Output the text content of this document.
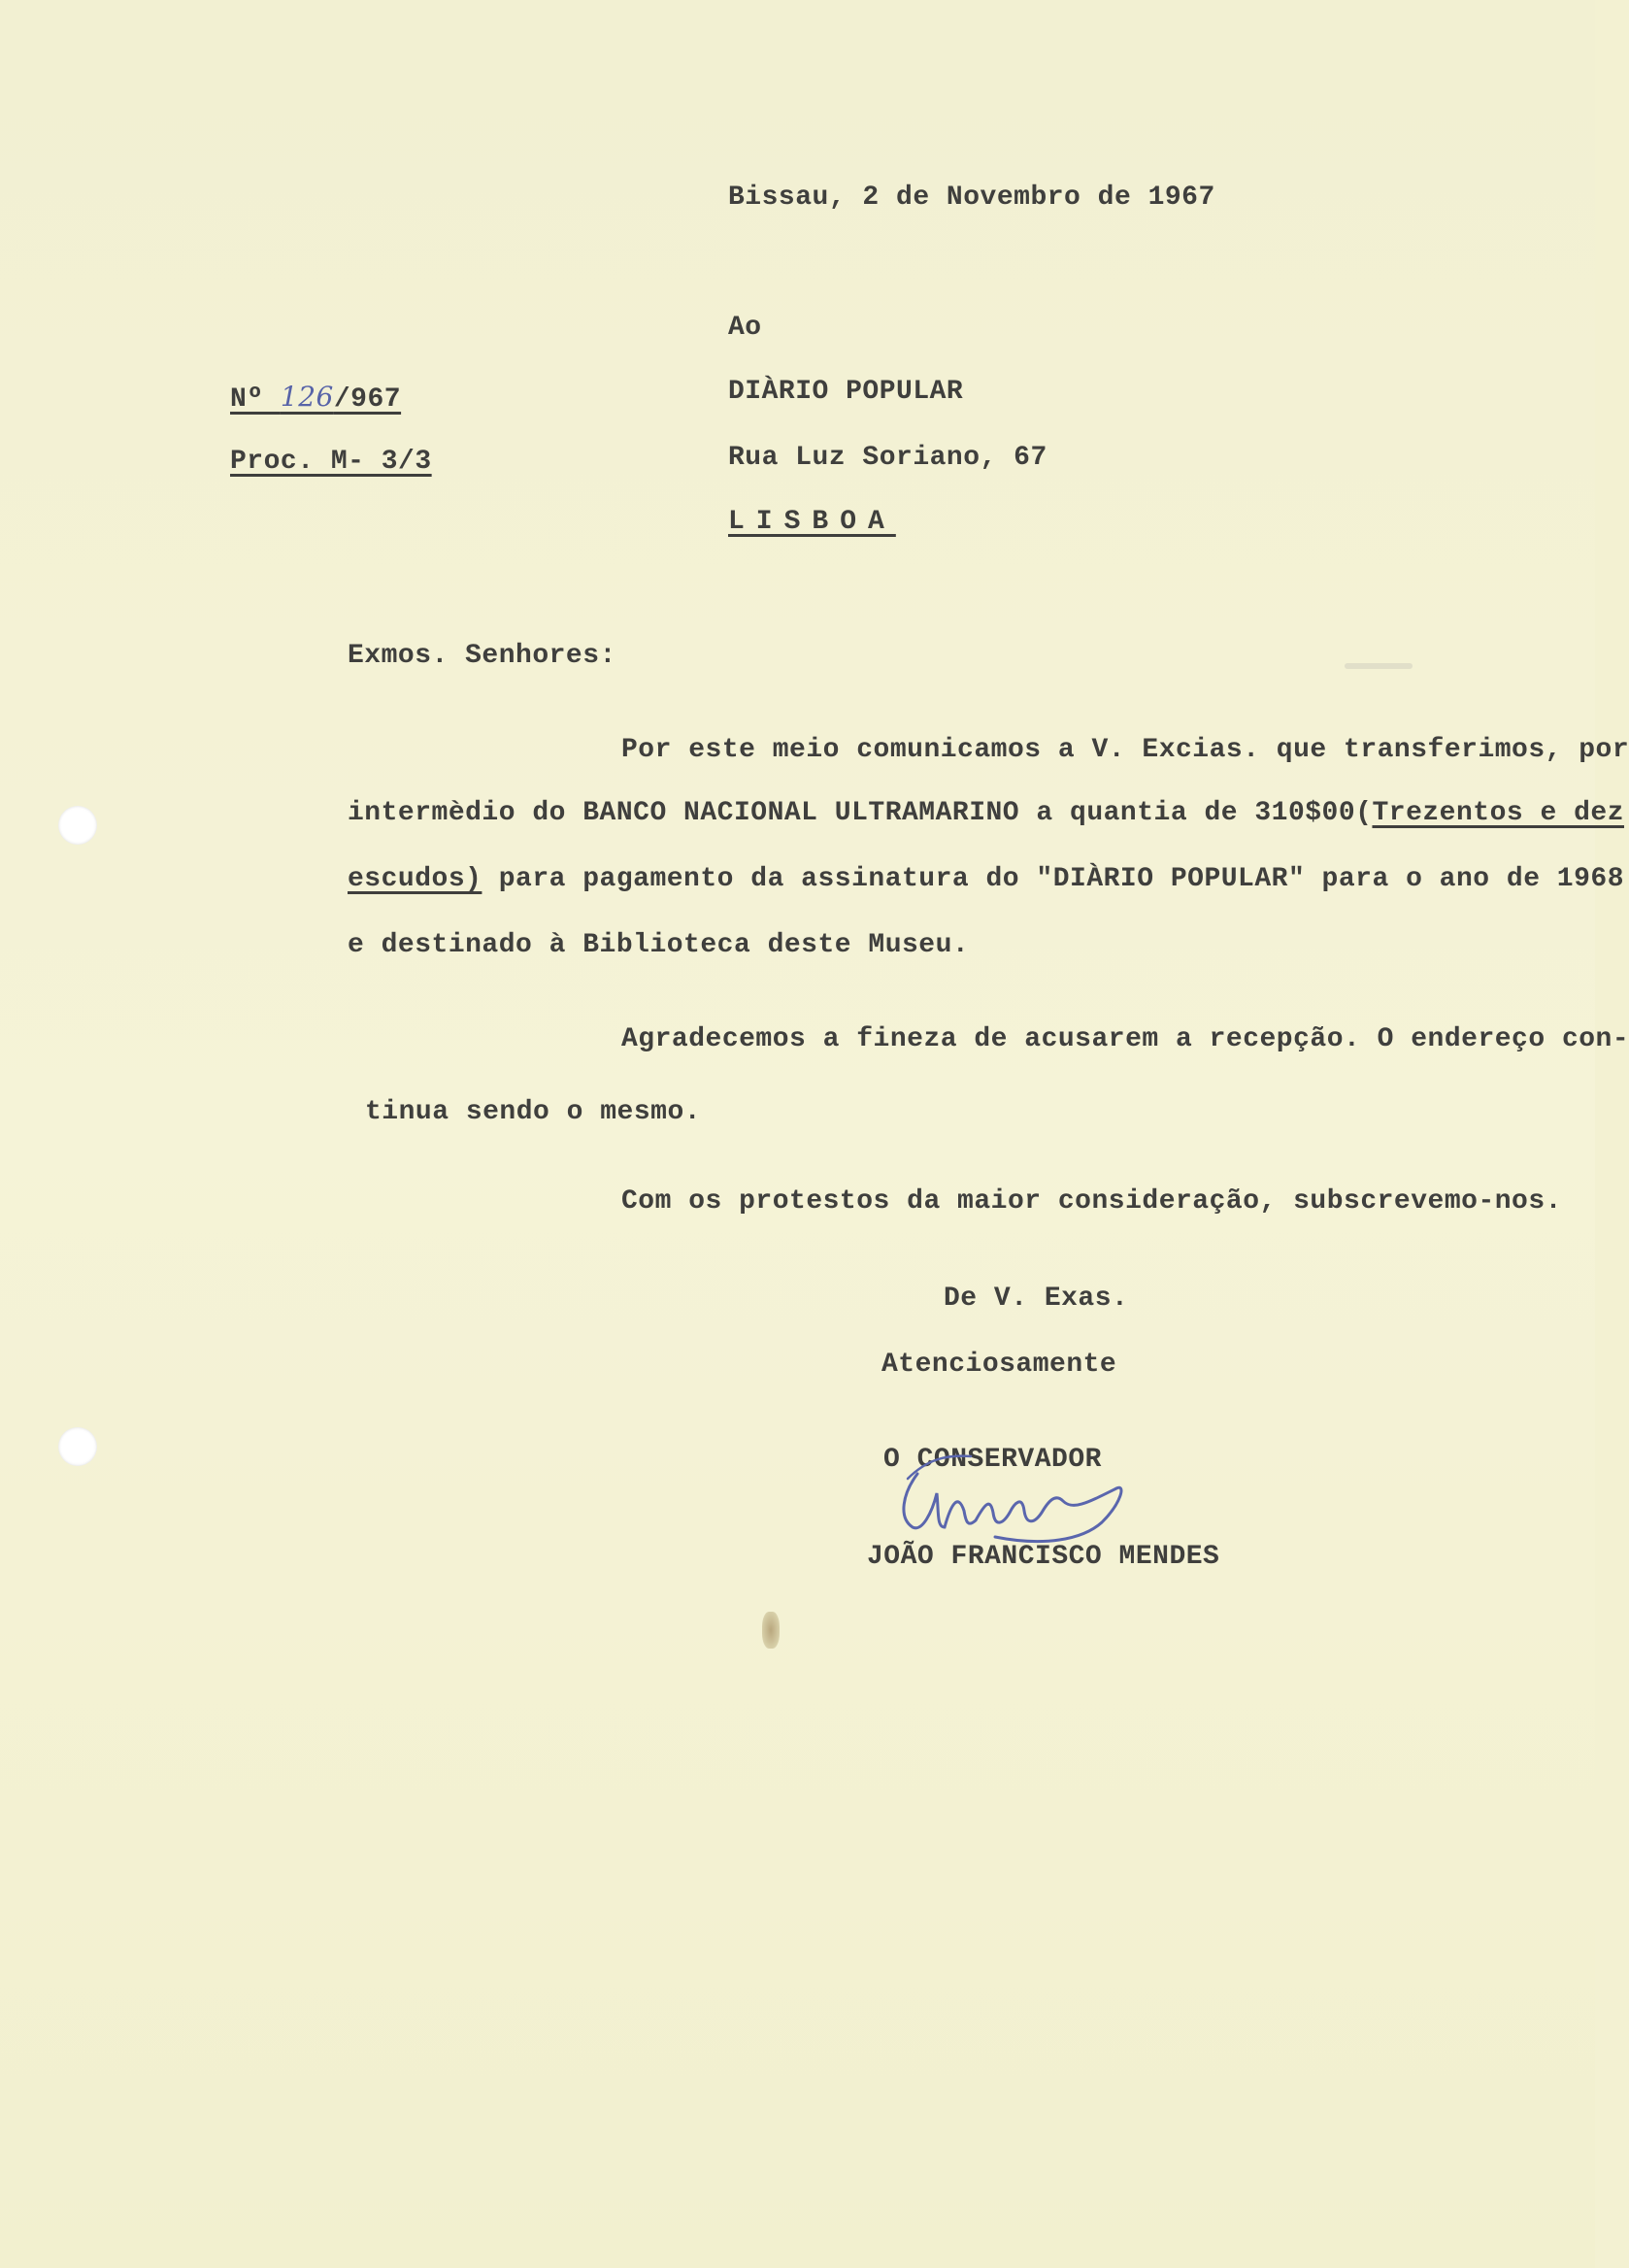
Bissau, 2 de Novembro de 1967
Ao
DIÀRIO POPULAR
Rua Luz Soriano, 67
LISBOA
Nº 126/967
Proc. M- 3/3
Exmos. Senhores:
Por este meio comunicamos a V. Excias. que transferimos, por
intermèdio do BANCO NACIONAL ULTRAMARINO a quantia de 310$00(Trezentos e dez
escudos) para pagamento da assinatura do "DIÀRIO POPULAR" para o ano de 1968
e destinado à Biblioteca deste Museu.
Agradecemos a fineza de acusarem a recepção. O endereço con-
tinua sendo o mesmo.
Com os protestos da maior consideração, subscrevemo-nos.
De V. Exas.
Atenciosamente
O CONSERVADOR
JOÃO FRANCISCO MENDES
